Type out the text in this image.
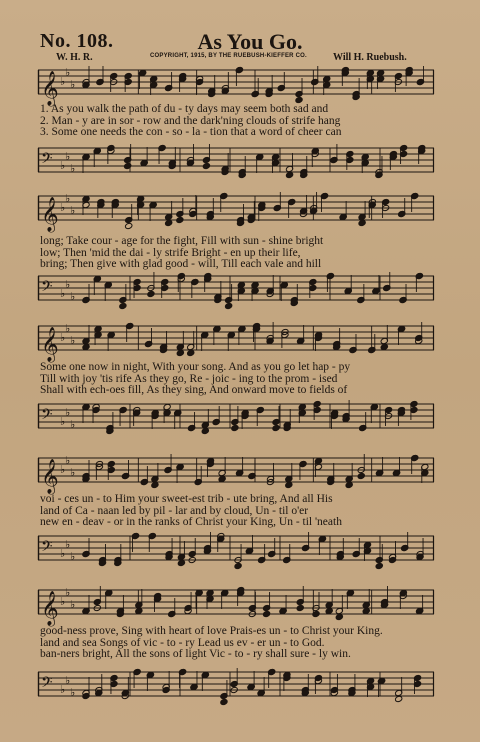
No. 108.	As You Go.
W. H. R.	COPYRIGHT, 1915, BY THE RUEBUSH-KIEFFER CO.	Will H. Ruebush.
𝄞 ♭
♭
♭
1. As you walk the path of du - ty days may seem both sad and
2. Man - y are in sor - row and the dark'ning clouds of strife hang
3. Some one needs the con - so - la - tion that a word of cheer can
𝄢 ♭
♭
♭
𝄞 ♭
♭
♭
long; Take cour - age for the fight, Fill with sun - shine bright
low; Then 'mid the dai - ly strife Bright - en up their life,
bring; Then give with glad good - will, Till each vale and hill
𝄢 ♭
♭
♭
𝄞 ♭
♭
♭
Some one now in night, With your song. And as you go let hap - py
Till with joy 'tis rife As they go, Re - joic - ing to the prom - ised
Shall with ech-oes fill, As they sing, And onward move to fields of
𝄢 ♭
♭
♭
𝄞 ♭
♭
♭
voi - ces un - to Him your sweet-est trib - ute bring, And all His
land of Ca - naan led by pil - lar and by cloud, Un - til o'er
new en - deav - or in the ranks of Christ your King, Un - til 'neath
𝄢 ♭
♭
♭
𝄞 ♭
♭
♭
good-ness prove, Sing with heart of love Prais-es un - to Christ your King.
land and sea Songs of vic - to - ry Lead us ev - er un - to God.
ban-ners bright, All the sons of light Vic - to - ry shall sure - ly win.
𝄢 ♭
♭
♭
